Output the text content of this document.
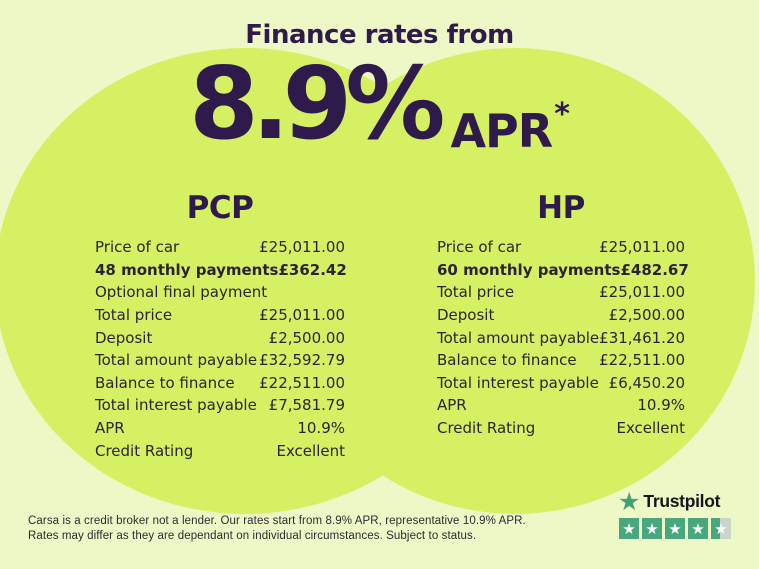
Finance rates from
8.9% APR *
PCP
Price of car	£25,011.00
48 monthly payments £362.42
Optional final payment
Total price	£25,011.00
Deposit	£2,500.00
Total amount payable £32,592.79
Balance to finance £22,511.00
Total interest payable £7,581.79
APR	10.9%
Credit Rating	Excellent
HP
Price of car	£25,011.00
60 monthly payments £482.67
Total price	£25,011.00
Deposit	£2,500.00
Total amount payable £31,461.20
Balance to finance £22,511.00
Total interest payable £6,450.20
APR	10.9%
Credit Rating	Excellent

Carsa is a credit broker not a lender. Our rates start from 8.9% APR, representative 10.9% APR.
Rates may differ as they are dependant on individual circumstances. Subject to status.

★ Trustpilot
★ ★ ★ ★ ★
